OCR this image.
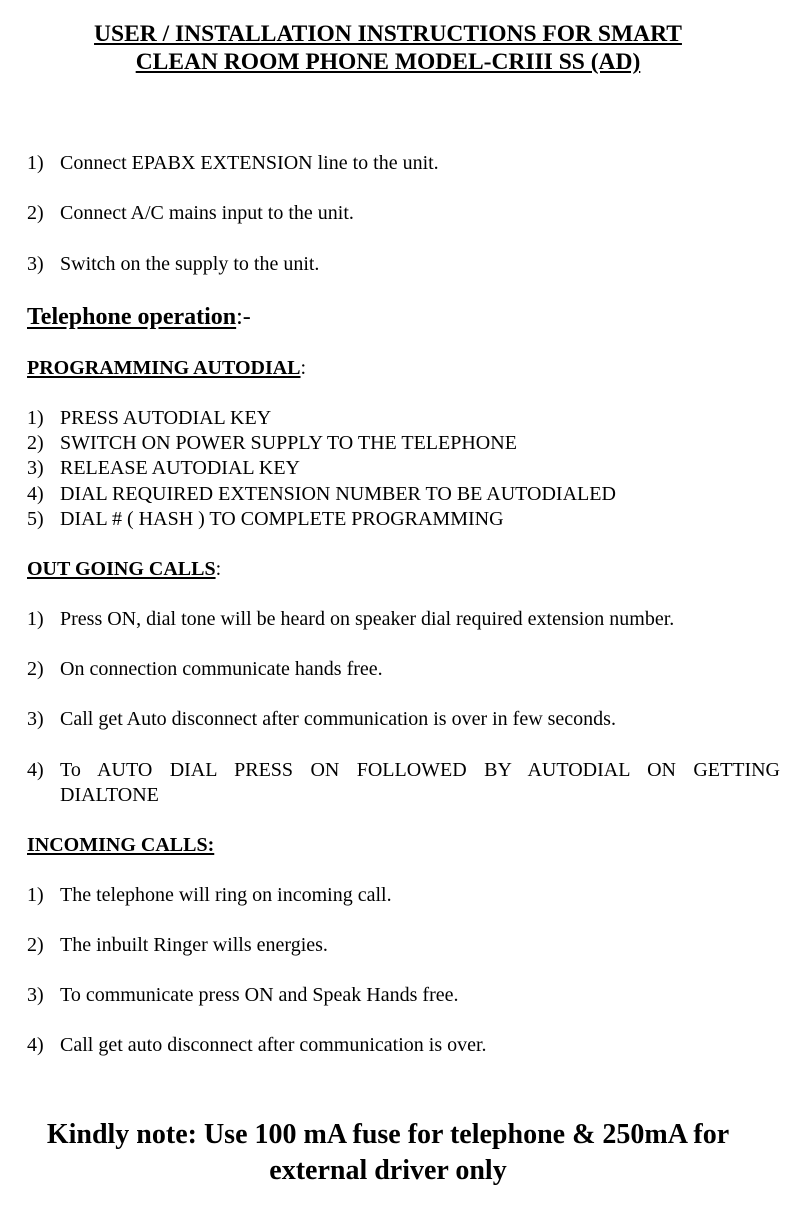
USER / INSTALLATION INSTRUCTIONS FOR SMART
CLEAN ROOM PHONE MODEL-CRIII SS (AD)
1) Connect EPABX EXTENSION line to the unit.
2) Connect A/C mains input to the unit.
3) Switch on the supply to the unit.
Telephone operation:-
PROGRAMMING AUTODIAL:
1) PRESS AUTODIAL KEY
2) SWITCH ON POWER SUPPLY TO THE TELEPHONE
3) RELEASE AUTODIAL KEY
4) DIAL REQUIRED EXTENSION NUMBER TO BE AUTODIALED
5) DIAL # ( HASH ) TO COMPLETE PROGRAMMING
OUT GOING CALLS:
1) Press ON, dial tone will be heard on speaker dial required extension number.
2) On connection communicate hands free.
3) Call get Auto disconnect after communication is over in few seconds.
4) To AUTO DIAL PRESS ON FOLLOWED BY AUTODIAL ON GETTING
DIALTONE
INCOMING CALLS:
1) The telephone will ring on incoming call.
2) The inbuilt Ringer wills energies.
3) To communicate press ON and Speak Hands free.
4) Call get auto disconnect after communication is over.
Kindly note: Use 100 mA fuse for telephone & 250mA for
external driver only
